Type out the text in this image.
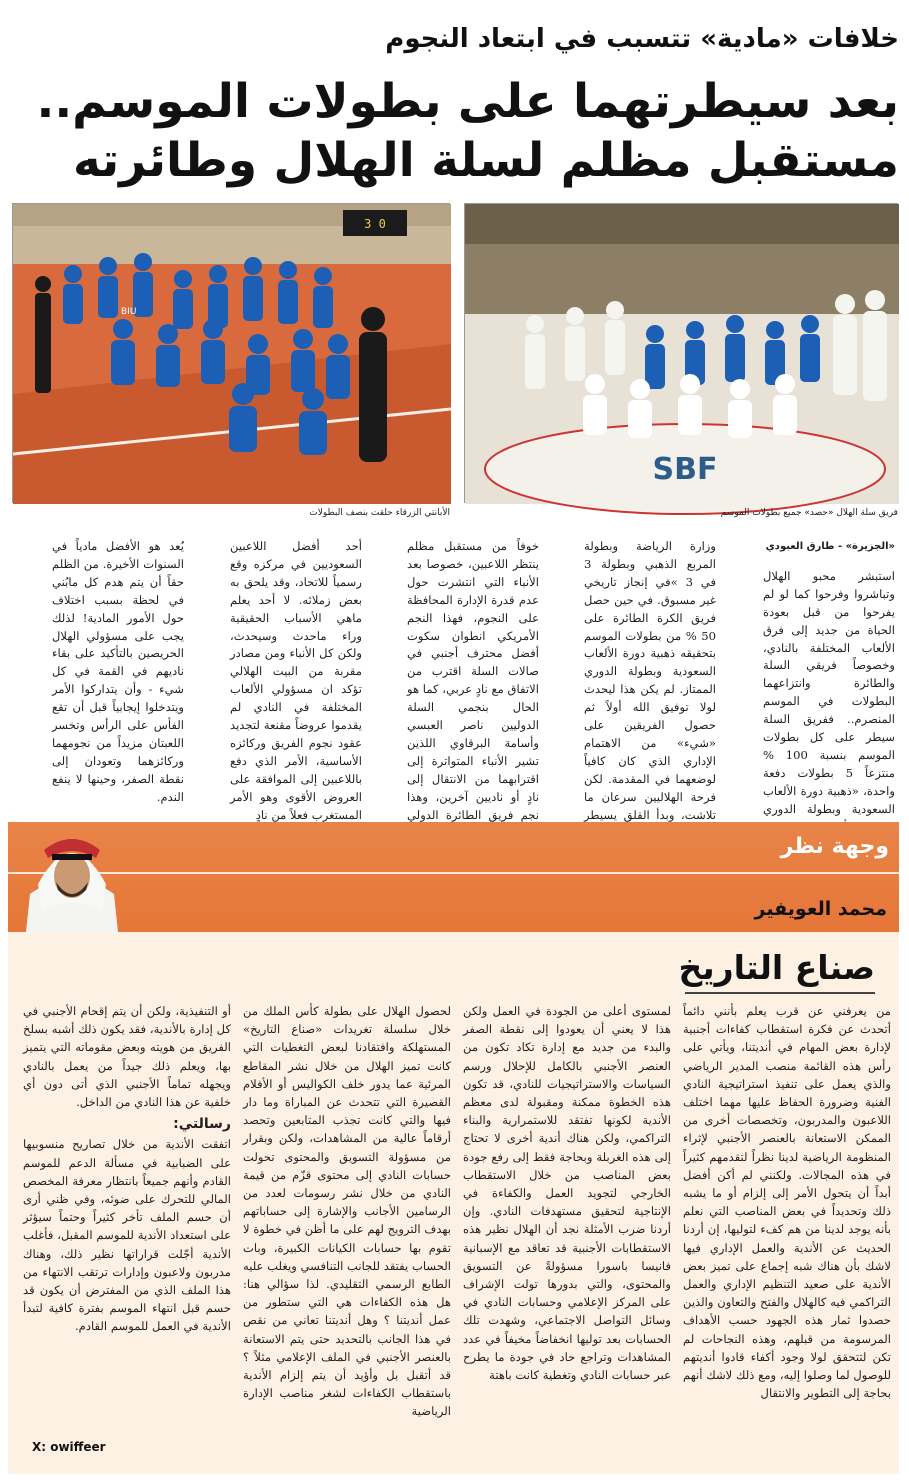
خلافات «مادية» تتسبب في ابتعاد النجوم
بعد سيطرتهما على بطولات الموسم..
مستقبل مظلم لسلة الهلال وطائرته
3 0
BIU
SBF
الأبانتي الزرقاء حلقت بنصف البطولات	فريق سلة الهلال «حصد» جميع بطولات الموسم
«الجزيرة» - طارق العبودي
استبشر محبو الهلال وتباشروا وفرحوا كما لو لم يفرحوا من قبل بعودة الحياة من جديد إلى فرق الألعاب المختلفة بالنادي، وخصوصاً فريقي السلة والطائرة وانتزاعهما البطولات في الموسم المنصرم.. ففريق السلة سيطر على كل بطولات الموسم بنسبة 100 % منتزعاً 5 بطولات دفعة واحدة، «ذهبية دورة الألعاب السعودية وبطولة الدوري
وزارة الرياضة وبطولة المربع الذهبي وبطولة 3 في 3 »في إنجاز تاريخي غير مسبوق. في حين حصل فريق الكرة الطائرة على 50 % من بطولات الموسم بتحقيقه ذهبية دورة الألعاب السعودية وبطولة الدوري الممتاز. لم يكن هذا ليحدث لولا توفيق الله أولاً ثم حصول الفريقين على «شيء» من الاهتمام الإداري الذي كان كافياً لوضعهما في المقدمة. لكن فرحة الهلاليين سرعان ما تلاشت، وبدأ القلق يسيطر
خوفاً من مستقبل مظلم ينتظر اللاعبين، خصوصا بعد الأنباء التي انتشرت حول عدم قدرة الإدارة المحافظة على النجوم، فهذا النجم الأمريكي انطوان سكوت أفضل محترف أجنبي في صالات السلة اقترب من الاتفاق مع نادٍ عربي، كما هو الحال بنجمي السلة الدوليين ناصر العبسي وأسامة البرقاوي اللذين تشير الأنباء المتواترة إلى اقترابهما من الانتقال إلى نادٍ أو ناديين آخرين، وهذا نجم فريق الطائرة الدولي
أحد أفضل اللاعبين السعوديين في مركزه وقع رسمياً للاتحاد، وقد يلحق به بعض زملائه. لا أحد يعلم ماهي الأسباب الحقيقية وراء ماحدث وسيحدث، ولكن كل الأنباء ومن مصادر مقربة من البيت الهلالي تؤكد ان مسؤولي الألعاب المختلفة في النادي لم يقدموا عروضاً مقنعة لتجديد عقود نجوم الفريق وركائزه الأساسية، الأمر الذي دفع باللاعبين إلى الموافقة على العروض الأقوى وهو الأمر المستغرب فعلاً من نادٍ
يُعد هو الأفضل مادياً في السنوات الأخيرة. من الظلم حقاً أن يتم هدم كل مابُني في لحظة بسبب اختلاف حول الأمور المادية! لذلك يجب على مسؤولي الهلال الحريصين بالتأكيد على بقاء ناديهم في القمة في كل شيء - وأن يتداركوا الأمر ويتدخلوا إيجابياً قبل أن تقع الفأس على الرأس وتخسر اللعبتان مزيداً من نجومهما وركائزهما وتعودان إلى نقطة الصفر، وحينها لا ينفع الندم.
وجهة نظر
محمد العويفير
صناع التاريخ
من يعرفني عن قرب يعلم بأنني دائماً أتحدث عن فكرة استقطاب كفاءات أجنبية لإدارة بعض المهام في أنديتنا، ويأتي على رأس هذه القائمة منصب المدير الرياضي والذي يعمل على تنفيذ استراتيجية النادي الفنية وضرورة الحفاظ عليها مهما اختلف اللاعبون والمدربون، وتخصصات أخرى من الممكن الاستعانة بالعنصر الأجنبي لإثراء المنظومة الرياضية لدينا نظراً لتقدمهم كثيراً في هذه المجالات. ولكنني لم أكن أفضل أبداً أن يتحول الأمر إلى إلزام أو ما يشبه ذلك وتحديداً في بعض المناصب التي نعلم بأنه يوجد لدينا من هم كفء لتوليها، إن أردنا الحديث عن الأندية والعمل الإداري فيها لاشك بأن هناك شبه إجماع على تميز بعض الأندية على صعيد التنظيم الإداري والعمل التراكمي فيه كالهلال والفتح والتعاون والذين حصدوا ثمار هذه الجهود حسب الأهداف المرسومة من قبلهم، وهذه النجاحات لم تكن لتتحقق لولا وجود أكفاء قادوا أنديتهم للوصول لما وصلوا إليه، ومع ذلك لاشك أنهم بحاجة إلى التطوير والانتقال
لمستوى أعلى من الجودة في العمل ولكن هذا لا يعني أن يعودوا إلى نقطة الصفر والبدء من جديد مع إدارة تكاد تكون من العنصر الأجنبي بالكامل للإحلال ورسم السياسات والاستراتيجيات للنادي، قد تكون هذه الخطوة ممكنة ومقبولة لدى معظم الأندية لكونها تفتقد للاستمرارية والبناء التراكمي، ولكن هناك أندية أخرى لا تحتاج إلى هذه الغربلة وبحاجة فقط إلى رفع جودة بعض المناصب من خلال الاستقطاب الخارجي لتجويد العمل والكفاءة في الإنتاجية لتحقيق مستهدفات النادي. وإن أردنا ضرب الأمثلة نجد أن الهلال نظير هذه الاستقطابات الأجنبية قد تعاقد مع الإسبانية فانيسا باسورا مسؤولةً عن التسويق والمحتوى، والتي بدورها تولت الإشراف على المركز الإعلامي وحسابات النادي في وسائل التواصل الاجتماعي، وشهدت تلك الحسابات بعد توليها انخفاضاً مخيفاً في عدد المشاهدات وتراجع حاد في جودة ما يطرح عبر حسابات النادي وتغطية كانت باهتة
لحصول الهلال على بطولة كأس الملك من خلال سلسلة تغريدات «صناع التاريخ» المستهلكة وافتقادنا لبعض التغطيات التي كانت تميز الهلال من خلال نشر المقاطع المرئية عما يدور خلف الكواليس أو الأفلام القصيرة التي تتحدث عن المباراة وما دار فيها والتي كانت تجذب المتابعين وتحصد أرقاماً عالية من المشاهدات، ولكن وبقرار من مسؤولة التسويق والمحتوى تحولت حسابات النادي إلى محتوى قزّم من قيمة النادي من خلال نشر رسومات لعدد من الرسامين الأجانب والإشارة إلى حساباتهم بهدف الترويج لهم على ما أظن في خطوة لا تقوم بها حسابات الكيانات الكبيرة، وبات الحساب يفتقد للجانب التنافسي ويغلب عليه الطابع الرسمي التقليدي. لذا سؤالي هنا: هل هذه الكفاءات هي التي ستطور من عمل أنديتنا ؟ وهل أنديتنا تعاني من نقص في هذا الجانب بالتحديد حتى يتم الاستعانة بالعنصر الأجنبي في الملف الإعلامي مثلاً ؟ قد أتقبل بل وأؤيد أن يتم إلزام الأندية باستقطاب الكفاءات لشغر مناصب الإدارة الرياضية
أو التنفيذية، ولكن أن يتم إقحام الأجنبي في كل إدارة بالأندية، فقد يكون ذلك أشبه بسلخ الفريق من هويته وبعض مقوماته التي يتميز بها، ويعلم ذلك جيداً من يعمل بالنادي ويجهله تماماً الأجنبي الذي أتى دون أي خلفية عن هذا النادي من الداخل.
رسالتي:
اتفقت الأندية من خلال تصاريح منسوبيها على الضبابية في مسألة الدعم للموسم القادم وأنهم جميعاً بانتظار معرفة المخصص المالي للتحرك على ضوئه، وفي ظني أرى أن حسم الملف تأخر كثيراً وحتماً سيؤثر على استعداد الأندية للموسم المقبل، فأغلب الأندية أجّلت قراراتها نظير ذلك، وهناك مدربون ولاعبون وإدارات ترتقب الانتهاء من هذا الملف الذي من المفترض أن يكون قد حسم قبل انتهاء الموسم بفترة كافية لتبدأ الأندية في العمل للموسم القادم.
X: owiffeer
